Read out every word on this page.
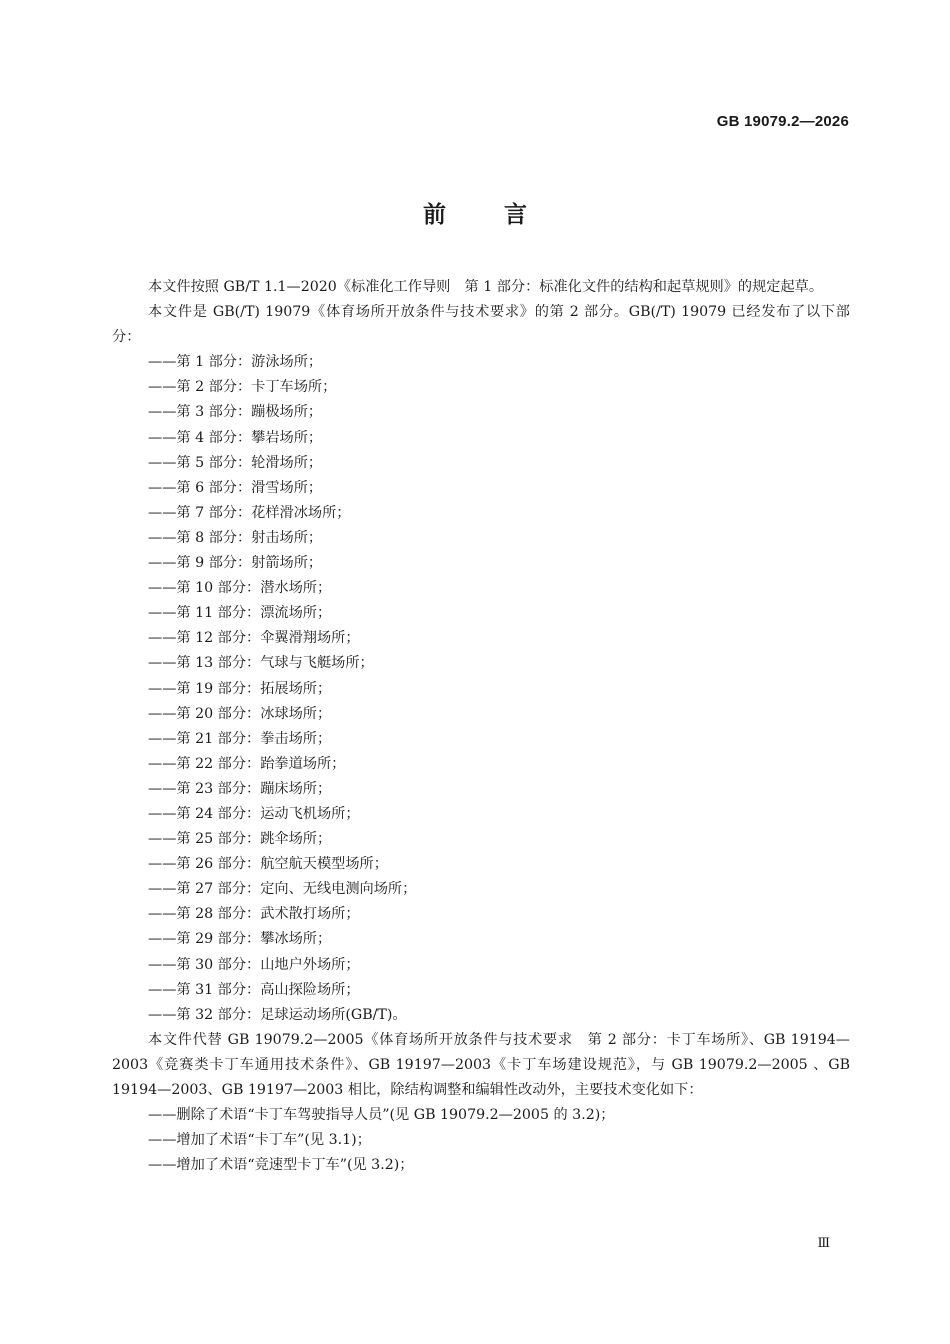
GB 19079.2—2026
前言

本文件按照 GB/T 1.1—2020《标准化工作导则　第 1 部分：标准化文件的结构和起草规则》的规定起草。

本文件是 GB(/T) 19079《体育场所开放条件与技术要求》的第 2 部分。GB(/T) 19079 已经发布了以下部分：

——第 1 部分：游泳场所；

——第 2 部分：卡丁车场所；

——第 3 部分：蹦极场所；

——第 4 部分：攀岩场所；

——第 5 部分：轮滑场所；

——第 6 部分：滑雪场所；

——第 7 部分：花样滑冰场所；

——第 8 部分：射击场所；

——第 9 部分：射箭场所；

——第 10 部分：潜水场所；

——第 11 部分：漂流场所；

——第 12 部分：伞翼滑翔场所；

——第 13 部分：气球与飞艇场所；

——第 19 部分：拓展场所；

——第 20 部分：冰球场所；

——第 21 部分：拳击场所；

——第 22 部分：跆拳道场所；

——第 23 部分：蹦床场所；

——第 24 部分：运动飞机场所；

——第 25 部分：跳伞场所；

——第 26 部分：航空航天模型场所；

——第 27 部分：定向、无线电测向场所；

——第 28 部分：武术散打场所；

——第 29 部分：攀冰场所；

——第 30 部分：山地户外场所；

——第 31 部分：高山探险场所；

——第 32 部分：足球运动场所(GB/T)。

本文件代替 GB 19079.2—2005《体育场所开放条件与技术要求　第 2 部分：卡丁车场所》、GB 19194—2003《竞赛类卡丁车通用技术条件》、GB 19197—2003《卡丁车场建设规范》，与 GB 19079.2—2005 、GB 19194—2003、GB 19197—2003 相比，除结构调整和编辑性改动外，主要技术变化如下：

——删除了术语“卡丁车驾驶指导人员”(见 GB 19079.2—2005 的 3.2)；

——增加了术语“卡丁车”(见 3.1)；

——增加了术语“竞速型卡丁车”(见 3.2)；

Ⅲ
